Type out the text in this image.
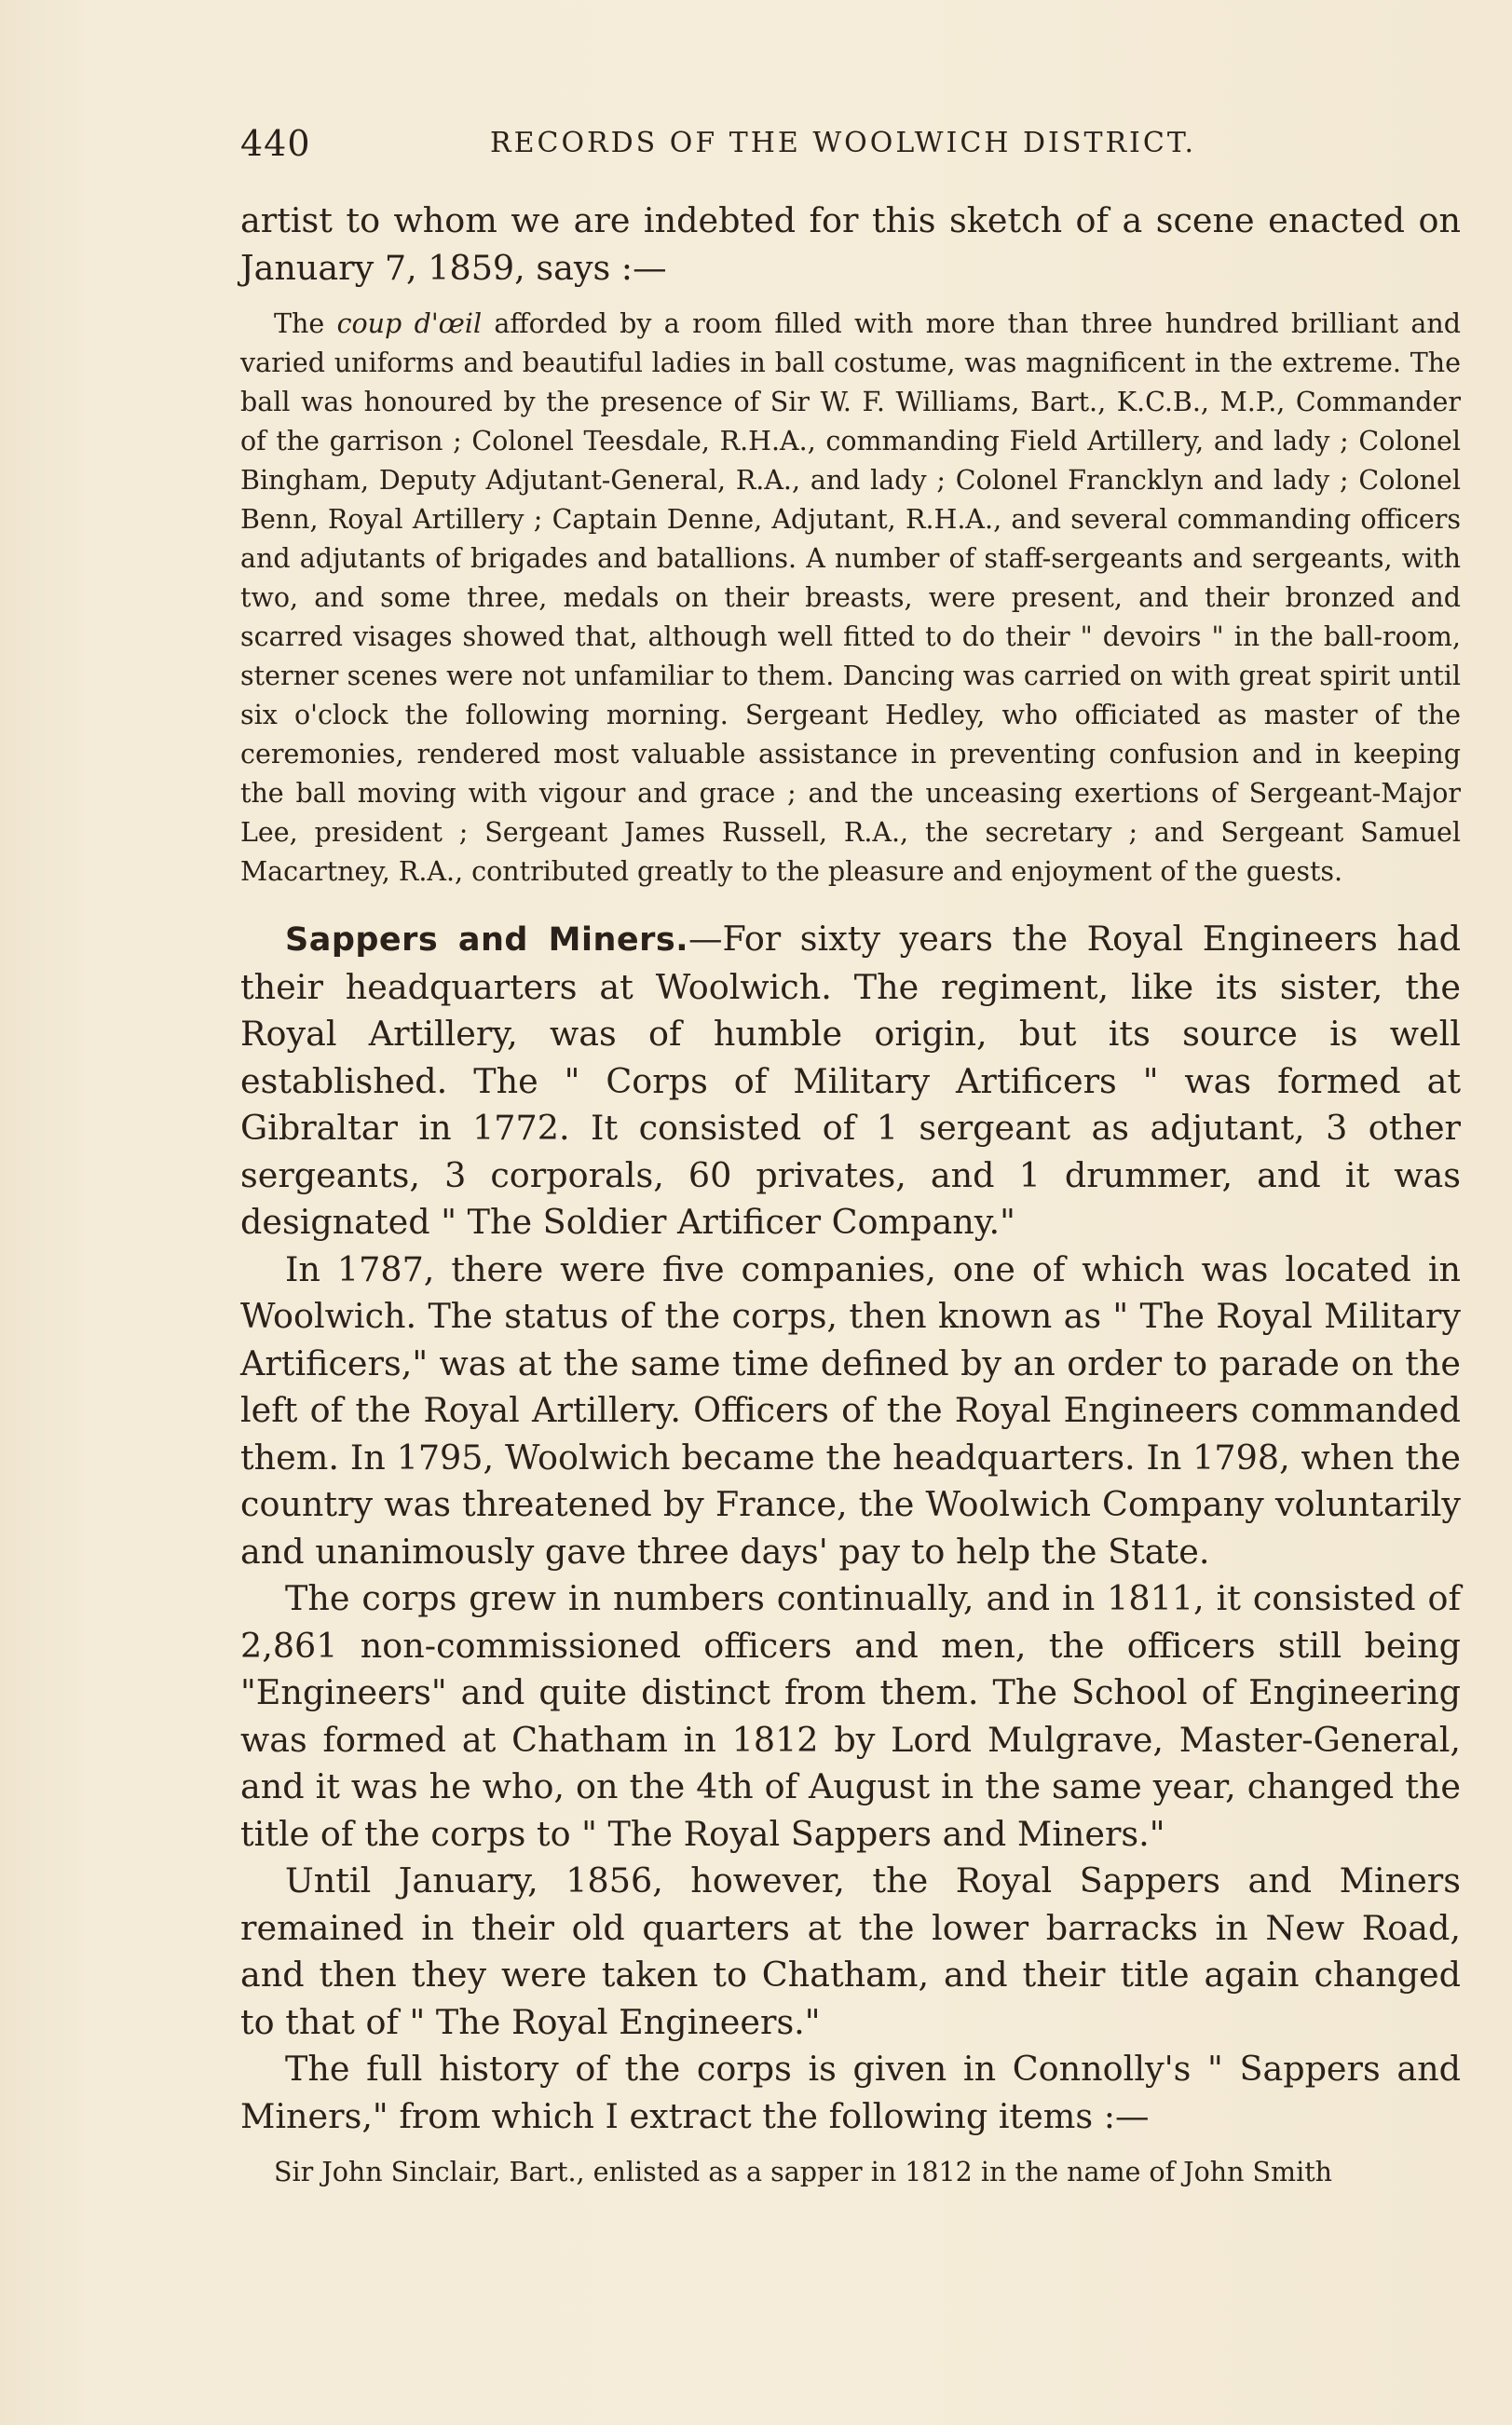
440	RECORDS OF THE WOOLWICH DISTRICT.

artist to whom we are indebted for this sketch of a scene enacted on January 7, 1859, says :—

The coup d'œil afforded by a room filled with more than three hundred brilliant and varied uniforms and beautiful ladies in ball costume, was magnificent in the extreme. The ball was honoured by the presence of Sir W. F. Williams, Bart., K.C.B., M.P., Commander of the garrison ; Colonel Teesdale, R.H.A., commanding Field Artillery, and lady ; Colonel Bingham, Deputy Adjutant-General, R.A., and lady ; Colonel Francklyn and lady ; Colonel Benn, Royal Artillery ; Captain Denne, Adjutant, R.H.A., and several commanding officers and adjutants of brigades and batallions. A number of staff-sergeants and sergeants, with two, and some three, medals on their breasts, were present, and their bronzed and scarred visages showed that, although well fitted to do their " devoirs " in the ball-room, sterner scenes were not unfamiliar to them. Dancing was carried on with great spirit until six o'clock the following morning. Sergeant Hedley, who officiated as master of the ceremonies, rendered most valuable assistance in preventing confusion and in keeping the ball moving with vigour and grace ; and the unceasing exertions of Sergeant-Major Lee, president ; Sergeant James Russell, R.A., the secretary ; and Sergeant Samuel Macartney, R.A., contributed greatly to the pleasure and enjoyment of the guests.

Sappers and Miners.—For sixty years the Royal Engineers had their headquarters at Woolwich. The regiment, like its sister, the Royal Artillery, was of humble origin, but its source is well established. The " Corps of Military Artificers " was formed at Gibraltar in 1772. It consisted of 1 sergeant as adjutant, 3 other sergeants, 3 corporals, 60 privates, and 1 drummer, and it was designated " The Soldier Artificer Company."

In 1787, there were five companies, one of which was located in Woolwich. The status of the corps, then known as " The Royal Military Artificers," was at the same time defined by an order to parade on the left of the Royal Artillery. Officers of the Royal Engineers commanded them. In 1795, Woolwich became the headquarters. In 1798, when the country was threatened by France, the Woolwich Company voluntarily and unanimously gave three days' pay to help the State.

The corps grew in numbers continually, and in 1811, it consisted of 2,861 non-commissioned officers and men, the officers still being "Engineers" and quite distinct from them. The School of Engineering was formed at Chatham in 1812 by Lord Mulgrave, Master-General, and it was he who, on the 4th of August in the same year, changed the title of the corps to " The Royal Sappers and Miners."

Until January, 1856, however, the Royal Sappers and Miners remained in their old quarters at the lower barracks in New Road, and then they were taken to Chatham, and their title again changed to that of " The Royal Engineers."

The full history of the corps is given in Connolly's " Sappers and Miners," from which I extract the following items :—

Sir John Sinclair, Bart., enlisted as a sapper in 1812 in the name of John Smith
